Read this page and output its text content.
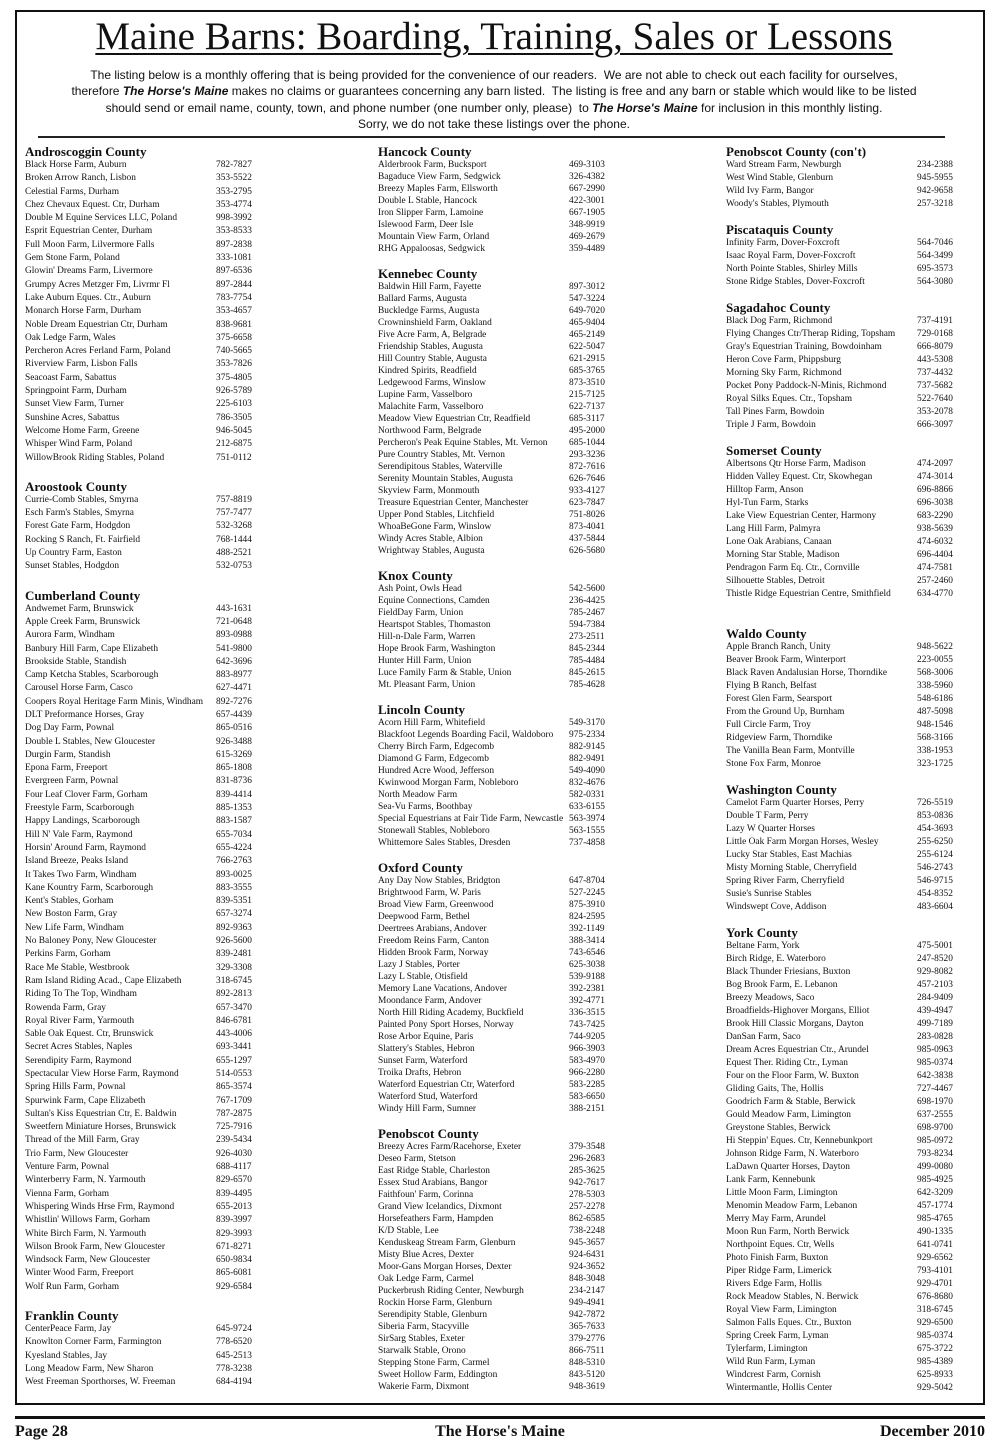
Maine Barns: Boarding, Training, Sales or Lessons
The listing below is a monthly offering that is being provided for the convenience of our readers.  We are not able to check out each facility for ourselves,
therefore The Horse's Maine makes no claims or guarantees concerning any barn listed.  The listing is free and any barn or stable which would like to be listed
should send or email name, county, town, and phone number (one number only, please)  to The Horse's Maine for inclusion in this monthly listing.
Sorry, we do not take these listings over the phone.
Androscoggin County
Black Horse Farm, Auburn	782-7827
Broken Arrow Ranch, Lisbon	353-5522
Celestial Farms, Durham	353-2795
Chez Chevaux Equest. Ctr, Durham	353-4774
Double M Equine Services LLC, Poland	998-3992
Esprit Equestrian Center, Durham	353-8533
Full Moon Farm, Lilvermore Falls	897-2838
Gem Stone Farm, Poland	333-1081
Glowin' Dreams Farm, Livermore	897-6536
Grumpy Acres Metzger Fm, Livrmr Fl	897-2844
Lake Auburn Eques. Ctr., Auburn	783-7754
Monarch Horse Farm, Durham	353-4657
Noble Dream Equestrian Ctr, Durham	838-9681
Oak Ledge Farm, Wales	375-6658
Percheron Acres Ferland Farm, Poland	740-5665
Riverview Farm, Lisbon Falls	353-7826
Seacoast Farm, Sabattus	375-4805
Springpoint Farm, Durham	926-5789
Sunset View Farm, Turner	225-6103
Sunshine Acres, Sabattus	786-3505
Welcome Home Farm, Greene	946-5045
Whisper Wind Farm, Poland	212-6875
WillowBrook Riding Stables, Poland	751-0112
Aroostook County
Currie-Comb Stables, Smyrna	757-8819
Esch Farm's Stables, Smyrna	757-7477
Forest Gate Farm, Hodgdon	532-3268
Rocking S Ranch, Ft. Fairfield	768-1444
Up Country Farm, Easton	488-2521
Sunset Stables, Hodgdon	532-0753
Cumberland County
Andwemet Farm, Brunswick	443-1631
Apple Creek Farm, Brunswick	721-0648
Aurora Farm, Windham	893-0988
Banbury Hill Farm, Cape Elizabeth	541-9800
Brookside Stable, Standish	642-3696
Camp Ketcha Stables, Scarborough	883-8977
Carousel Horse Farm, Casco	627-4471
Coopers Royal Heritage Farm Minis, Windham 892-7276
DLT Preformance Horses, Gray	657-4439
Dog Day Farm, Pownal	865-0516
Double L Stables, New Gloucester	926-3488
Durgin Farm, Standish	615-3269
Epona Farm, Freeport	865-1808
Evergreen Farm, Pownal	831-8736
Four Leaf Clover Farm, Gorham	839-4414
Freestyle Farm, Scarborough	885-1353
Happy Landings, Scarborough	883-1587
Hill N' Vale Farm, Raymond	655-7034
Horsin' Around Farm, Raymond	655-4224
Island Breeze, Peaks Island	766-2763
It Takes Two Farm, Windham	893-0025
Kane Kountry Farm, Scarborough	883-3555
Kent's Stables, Gorham	839-5351
New Boston Farm, Gray	657-3274
New Life Farm, Windham	892-9363
No Baloney Pony, New Gloucester	926-5600
Perkins Farm, Gorham	839-2481
Race Me Stable, Westbrook	329-3308
Ram Island Riding Acad., Cape Elizabeth	318-6745
Riding To The Top, Windham	892-2813
Rowenda Farm, Gray	657-3470
Royal River Farm, Yarmouth	846-6781
Sable Oak Equest. Ctr, Brunswick	443-4006
Secret Acres Stables, Naples	693-3441
Serendipity Farm, Raymond	655-1297
Spectacular View Horse Farm, Raymond	514-0553
Spring Hills Farm, Pownal	865-3574
Spurwink Farm, Cape Elizabeth	767-1709
Sultan's Kiss Equestrian Ctr, E. Baldwin	787-2875
Sweetfern Miniature Horses, Brunswick	725-7916
Thread of the Mill Farm, Gray	239-5434
Trio Farm, New Gloucester	926-4030
Venture Farm, Pownal	688-4117
Winterberry Farm, N. Yarmouth	829-6570
Vienna Farm, Gorham	839-4495
Whispering Winds Hrse Frm, Raymond	655-2013
Whistlin' Willows Farm, Gorham	839-3997
White Birch Farm, N. Yarmouth	829-3993
Wilson Brook Farm, New Gloucester	671-8271
Windsock Farm, New Gloucester	650-9834
Winter Wood Farm, Freeport	865-6081
Wolf Run Farm, Gorham	929-6584
Franklin County
CenterPeace Farm, Jay	645-9724
Knowlton Corner Farm, Farmington	778-6520
Kyesland Stables, Jay	645-2513
Long Meadow Farm, New Sharon	778-3238
West Freeman Sporthorses, W. Freeman	684-4194
Hancock County
Alderbrook Farm, Bucksport	469-3103
Bagaduce View Farm, Sedgwick	326-4382
Breezy Maples Farm, Ellsworth	667-2990
Double L Stable, Hancock	422-3001
Iron Slipper Farm, Lamoine	667-1905
Islewood Farm, Deer Isle	348-9919
Mountain View Farm, Orland	469-2679
RHG Appaloosas, Sedgwick	359-4489
Kennebec County
Baldwin Hill Farm, Fayette	897-3012
Ballard Farms, Augusta	547-3224
Buckledge Farms, Augusta	649-7020
Crowninshield Farm, Oakland	465-9404
Five Acre Farm, A, Belgrade	465-2149
Friendship Stables, Augusta	622-5047
Hill Country Stable, Augusta	621-2915
Kindred Spirits, Readfield	685-3765
Ledgewood Farms, Winslow	873-3510
Lupine Farm, Vasselboro	215-7125
Malachite Farm, Vasselboro	622-7137
Meadow View Equestrian Ctr, Readfield	685-3117
Northwood Farm, Belgrade	495-2000
Percheron's Peak Equine Stables, Mt. Vernon 685-1044
Pure Country Stables, Mt. Vernon	293-3236
Serendipitous Stables, Waterville	872-7616
Serenity Mountain Stables, Augusta	626-7646
Skyview Farm, Monmouth	933-4127
Treasure Equestrian Center, Manchester	623-7847
Upper Pond Stables, Litchfield	751-8026
WhoaBeGone Farm, Winslow	873-4041
Windy Acres Stable, Albion	437-5844
Wrightway Stables, Augusta	626-5680
Knox County
Ash Point, Owls Head	542-5600
Equine Connections, Camden	236-4425
FieldDay Farm, Union	785-2467
Heartspot Stables, Thomaston	594-7384
Hill-n-Dale Farm, Warren	273-2511
Hope Brook Farm, Washington	845-2344
Hunter Hill Farm, Union	785-4484
Luce Family Farm & Stable, Union	845-2615
Mt. Pleasant Farm, Union	785-4628
Lincoln County
Acorn Hill Farm, Whitefield	549-3170
Blackfoot Legends Boarding Facil, Waldoboro 975-2334
Cherry Birch Farm, Edgecomb	882-9145
Diamond G Farm, Edgecomb	882-9491
Hundred Acre Wood, Jefferson	549-4090
Kwinwood Morgan Farm, Nobleboro	832-4676
North Meadow Farm	582-0331
Sea-Vu Farms, Boothbay	633-6155
Special Equestrians at Fair Tide Farm, Newcastle 563-3974
Stonewall Stables, Nobleboro	563-1555
Whittemore Sales Stables, Dresden	737-4858
Oxford County
Any Day Now Stables, Bridgton	647-8704
Brightwood Farm, W. Paris	527-2245
Broad View Farm, Greenwood	875-3910
Deepwood Farm, Bethel	824-2595
Deertrees Arabians, Andover	392-1149
Freedom Reins Farm, Canton	388-3414
Hidden Brook Farm, Norway	743-6546
Lazy J Stables, Porter	625-3038
Lazy L Stable, Otisfield	539-9188
Memory Lane Vacations, Andover	392-2381
Moondance Farm, Andover	392-4771
North Hill Riding Academy, Buckfield	336-3515
Painted Pony Sport Horses, Norway	743-7425
Rose Arbor Equine, Paris	744-9205
Slattery's Stables, Hebron	966-3903
Sunset Farm, Waterford	583-4970
Troika Drafts, Hebron	966-2280
Waterford Equestrian Ctr, Waterford	583-2285
Waterford Stud, Waterford	583-6650
Windy Hill Farm, Sumner	388-2151
Penobscot County
Breezy Acres Farm/Racehorse, Exeter	379-3548
Deseo Farm, Stetson	296-2683
East Ridge Stable, Charleston	285-3625
Essex Stud Arabians, Bangor	942-7617
Faithfoun' Farm, Corinna	278-5303
Grand View Icelandics, Dixmont	257-2278
Horsefeathers Farm, Hampden	862-6585
K/D Stable, Lee	738-2248
Kenduskeag Stream Farm, Glenburn	945-3657
Misty Blue Acres, Dexter	924-6431
Moor-Gans Morgan Horses, Dexter	924-3652
Oak Ledge Farm, Carmel	848-3048
Puckerbrush Riding Center, Newburgh	234-2147
Rockin Horse Farm, Glenburn	949-4941
Serendipity Stable, Glenburn	942-7872
Siberia Farm, Stacyville	365-7633
SirSarg Stables, Exeter	379-2776
Starwalk Stable, Orono	866-7511
Stepping Stone Farm, Carmel	848-5310
Sweet Hollow Farm, Eddington	843-5120
Wakerie Farm, Dixmont	948-3619
Penobscot County (con't)
Ward Stream Farm, Newburgh	234-2388
West Wind Stable, Glenburn	945-5955
Wild Ivy Farm, Bangor	942-9658
Woody's Stables, Plymouth	257-3218
Piscataquis County
Infinity Farm, Dover-Foxcroft	564-7046
Isaac Royal Farm, Dover-Foxcroft	564-3499
North Pointe Stables, Shirley Mills	695-3573
Stone Ridge Stables, Dover-Foxcroft	564-3080
Sagadahoc County
Black Dog Farm, Richmond	737-4191
Flying Changes Ctr/Therap Riding, Topsham 729-0168
Gray's Equestrian Training, Bowdoinham	666-8079
Heron Cove Farm, Phippsburg	443-5308
Morning Sky Farm, Richmond	737-4432
Pocket Pony Paddock-N-Minis, Richmond	737-5682
Royal Silks Eques. Ctr., Topsham	522-7640
Tall Pines Farm, Bowdoin	353-2078
Triple J Farm, Bowdoin	666-3097
Somerset County
Albertsons Qtr Horse Farm, Madison	474-2097
Hidden Valley Equest. Ctr, Skowhegan	474-3014
Hilltop Farm, Anson	696-8866
Hyl-Tun Farm, Starks	696-3038
Lake View Equestrian Center, Harmony	683-2290
Lang Hill Farm, Palmyra	938-5639
Lone Oak Arabians, Canaan	474-6032
Morning Star Stable, Madison	696-4404
Pendragon Farm Eq. Ctr., Cornville	474-7581
Silhouette Stables, Detroit	257-2460
Thistle Ridge Equestrian Centre, Smithfield	634-4770
Waldo County
Apple Branch Ranch, Unity	948-5622
Beaver Brook Farm, Winterport	223-0055
Black Raven Andalusian Horse, Thorndike	568-3006
Flying B Ranch, Belfast	338-5960
Forest Glen Farm, Searsport	548-6186
From the Ground Up, Burnham	487-5098
Full Circle Farm, Troy	948-1546
Ridgeview Farm, Thorndike	568-3166
The Vanilla Bean Farm, Montville	338-1953
Stone Fox Farm, Monroe	323-1725
Washington County
Camelot Farm Quarter Horses, Perry	726-5519
Double T Farm, Perry	853-0836
Lazy W Quarter Horses	454-3693
Little Oak Farm Morgan Horses, Wesley	255-6250
Lucky Star Stables, East Machias	255-6124
Misty Morning Stable, Cherryfield	546-2743
Spring River Farm, Cherryfield	546-9715
Susie's Sunrise Stables	454-8352
Windswept Cove, Addison	483-6604
York County
Beltane Farm, York	475-5001
Birch Ridge, E. Waterboro	247-8520
Black Thunder Friesians, Buxton	929-8082
Bog Brook Farm, E. Lebanon	457-2103
Breezy Meadows, Saco	284-9409
Broadfields-Highover Morgans, Elliot	439-4947
Brook Hill Classic Morgans, Dayton	499-7189
DanSan Farm, Saco	283-0828
Dream Acres Equestrian Ctr., Arundel	985-0963
Equest Ther. Riding Ctr., Lyman	985-0374
Four on the Floor Farm, W. Buxton	642-3838
Gliding Gaits, The, Hollis	727-4467
Goodrich Farm & Stable, Berwick	698-1970
Gould Meadow Farm, Limington	637-2555
Greystone Stables, Berwick	698-9700
Hi Steppin' Eques. Ctr, Kennebunkport	985-0972
Johnson Ridge Farm, N. Waterboro	793-8234
LaDawn Quarter Horses, Dayton	499-0080
Lank Farm, Kennebunk	985-4925
Little Moon Farm, Limington	642-3209
Menomin Meadow Farm, Lebanon	457-1774
Merry May Farm, Arundel	985-4765
Moon Run Farm, North Berwick	490-1335
Northpoint Eques. Ctr, Wells	641-0741
Photo Finish Farm, Buxton	929-6562
Piper Ridge Farm, Limerick	793-4101
Rivers Edge Farm, Hollis	929-4701
Rock Meadow Stables, N. Berwick	676-8680
Royal View Farm, Limington	318-6745
Salmon Falls Eques. Ctr., Buxton	929-6500
Spring Creek Farm, Lyman	985-0374
Tylerfarm, Limington	675-3722
Wild Run Farm, Lyman	985-4389
Windcrest Farm, Cornish	625-8933
Wintermantle, Hollis Center	929-5042
Page 28	The Horse's Maine	December 2010
